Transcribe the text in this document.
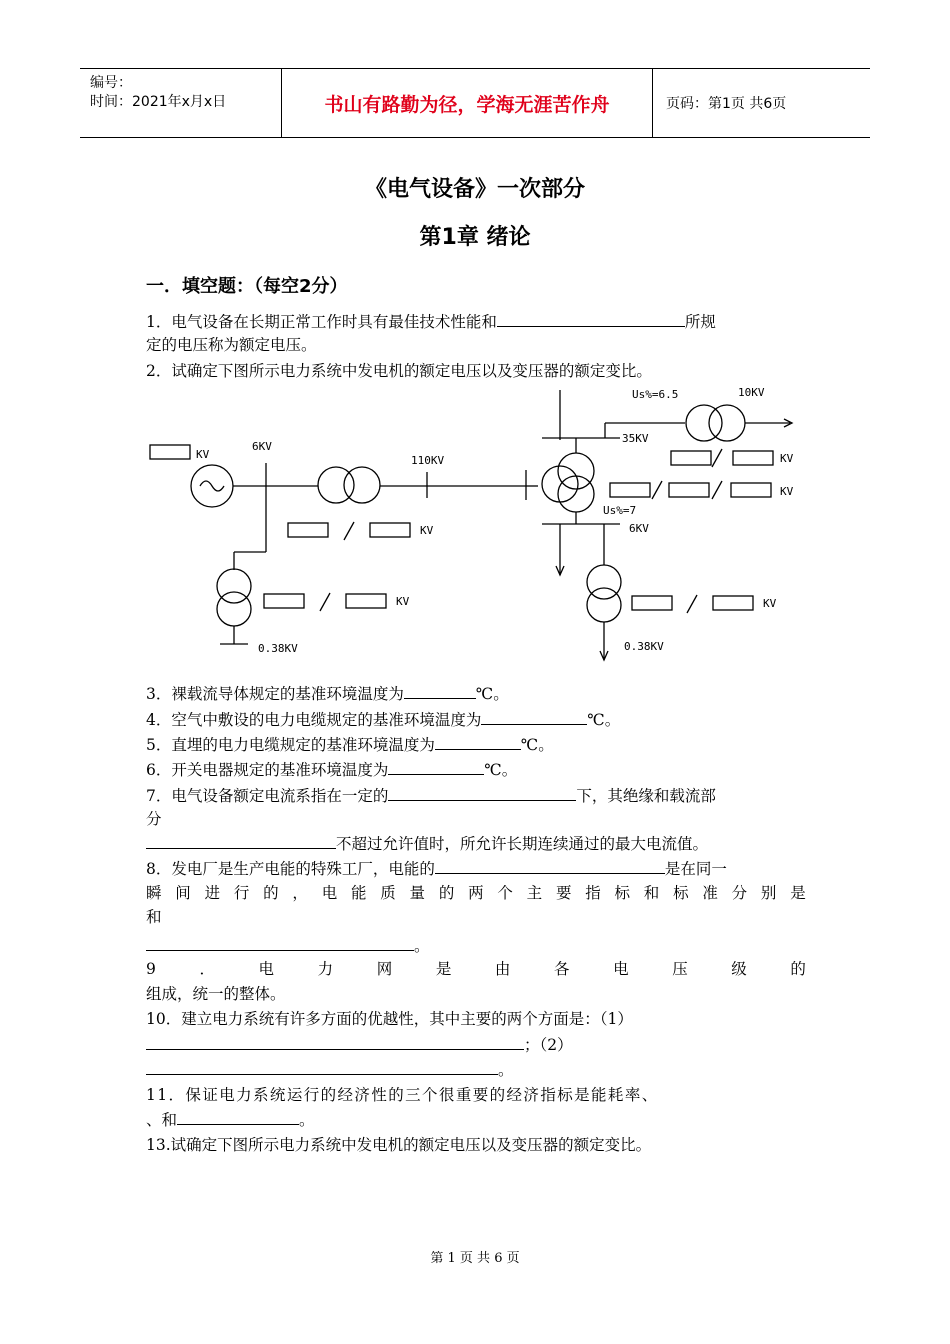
编号：
时间：2021年x月x日	书山有路勤为径，学海无涯苦作舟	页码：第1页 共6页
《电气设备》一次部分
第1章 绪论
一．填空题：（每空2分）
1．电气设备在长期正常工作时具有最佳技术性能和	所规
定的电压称为额定电压。
2．试确定下图所示电力系统中发电机的额定电压以及变压器的额定变比。
KV
6KV
110KV
35KV
10KV
Us%=6.5
Us%=7
6KV
KV
KV
KV
KV
KV
0.38KV	0.38KV
3．裸载流导体规定的基准环境温度为	℃。
4．空气中敷设的电力电缆规定的基准环境温度为	℃。
5．直埋的电力电缆规定的基准环境温度为	℃。
6．开关电器规定的基准环境温度为	℃。
7．电气设备额定电流系指在一定的	下，其绝缘和载流部
分
不超过允许值时，所允许长期连续通过的最大电流值。
8．发电厂是生产电能的特殊工厂，电能的	是在同一
瞬 间 进 行 的 ， 电 能 质 量 的 两 个 主 要 指 标 和 标 准 分 别 是
和
。
9	．	电	力	网	是	由	各	电	压	级	的
组成，统一的整体。
10．建立电力系统有许多方面的优越性，其中主要的两个方面是：（1）
；（2）
。
11．保证电力系统运行的经济性的三个很重要的经济指标是能耗率、
、和	。
13.试确定下图所示电力系统中发电机的额定电压以及变压器的额定变比。
第 1 页 共 6 页
